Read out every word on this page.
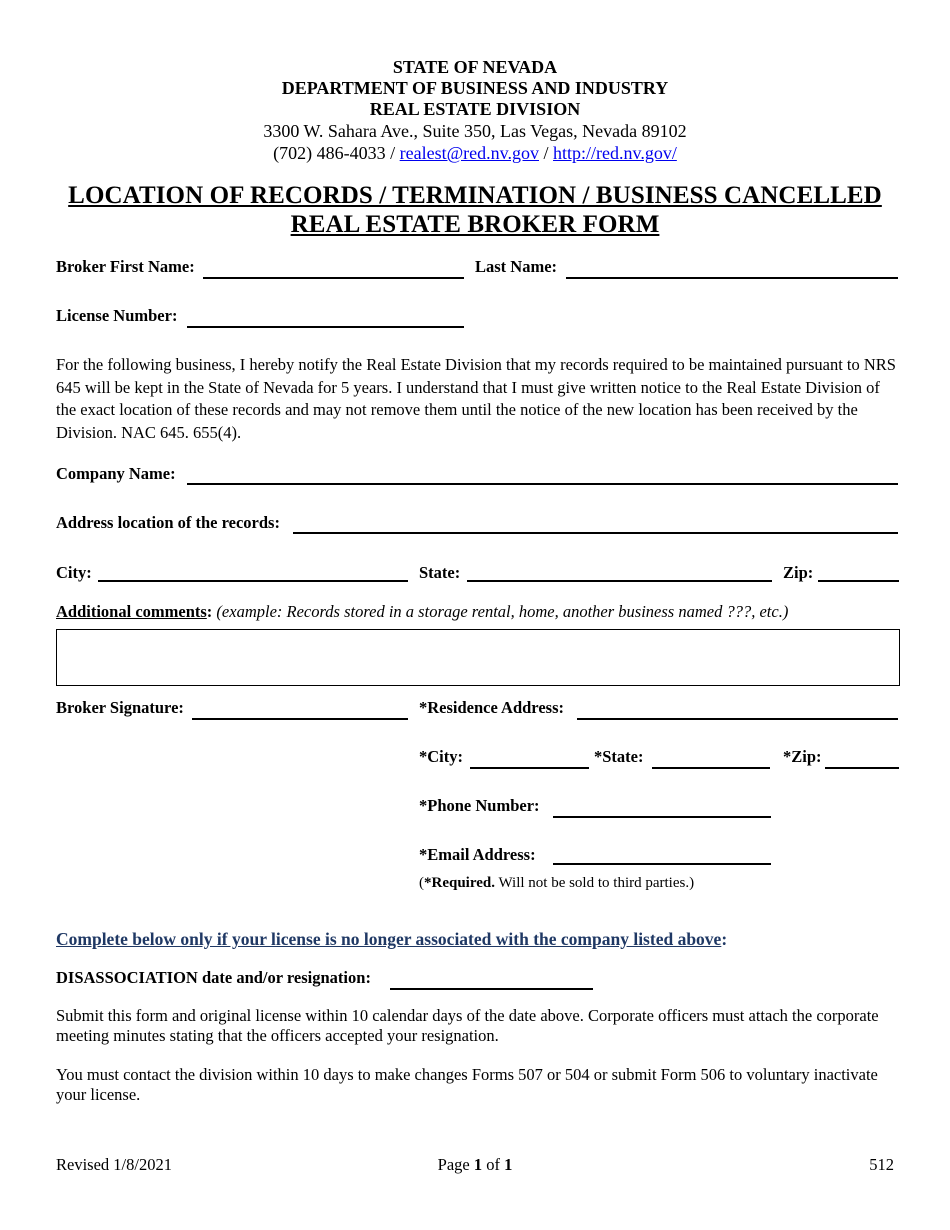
STATE OF NEVADA
DEPARTMENT OF BUSINESS AND INDUSTRY
REAL ESTATE DIVISION
3300 W. Sahara Ave., Suite 350, Las Vegas, Nevada 89102
(702) 486-4033 / realest@red.nv.gov / http://red.nv.gov/
LOCATION OF RECORDS / TERMINATION / BUSINESS CANCELLED
REAL ESTATE BROKER FORM
Broker First Name:	Last Name:
License Number:
For the following business, I hereby notify the Real Estate Division that my records required to be maintained pursuant to NRS 645 will be kept in the State of Nevada for 5 years. I understand that I must give written notice to the Real Estate Division of the exact location of these records and may not remove them until the notice of the new location has been received by the Division. NAC 645. 655(4).
Company Name:
Address location of the records:
City:	State:	Zip:
Additional comments: (example: Records stored in a storage rental, home, another business named ???, etc.)
Broker Signature:	*Residence Address:
*City:	*State:	*Zip:
*Phone Number:
*Email Address:
(*Required. Will not be sold to third parties.)
Complete below only if your license is no longer associated with the company listed above:
DISASSOCIATION date and/or resignation:
Submit this form and original license within 10 calendar days of the date above. Corporate officers must attach the corporate meeting minutes stating that the officers accepted your resignation.
You must contact the division within 10 days to make changes Forms 507 or 504 or submit Form 506 to voluntary inactivate your license.
Revised 1/8/2021	Page 1 of 1	512
